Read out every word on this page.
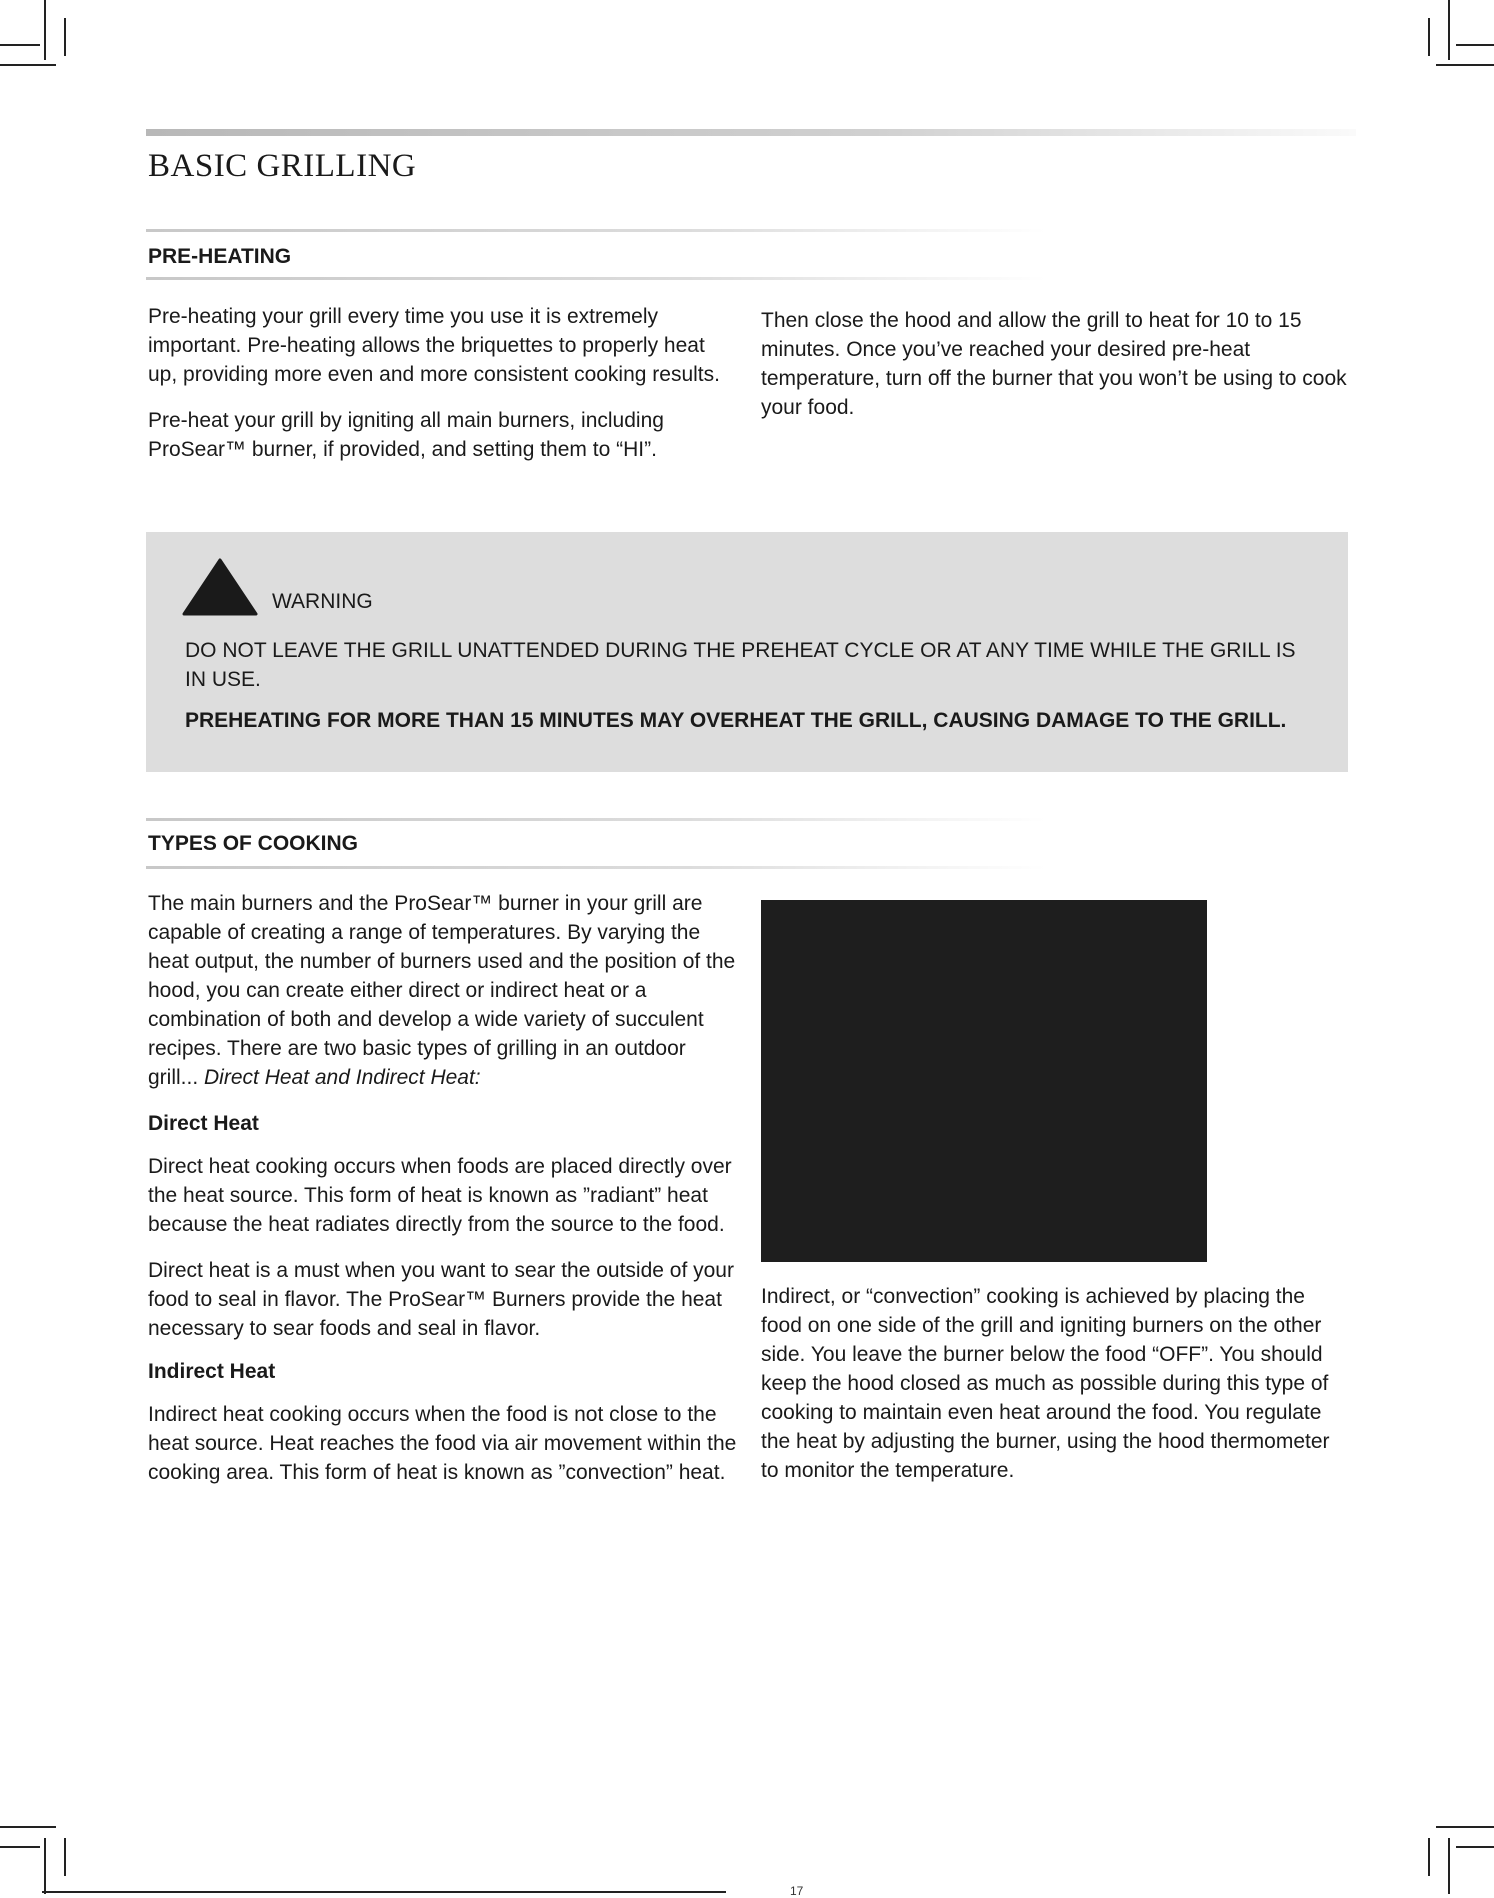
BASIC GRILLING
PRE-HEATING

Pre-heating your grill every time you use it is extremely important. Pre-heating allows the briquettes to properly heat up, providing more even and more consistent cooking results.

Pre-heat your grill by igniting all main burners, including ProSear™ burner, if provided, and setting them to “HI”.

Then close the hood and allow the grill to heat for 10 to 15 minutes. Once you’ve reached your desired pre-heat temperature, turn off the burner that you won’t be using to cook your food.

WARNING

DO NOT LEAVE THE GRILL UNATTENDED DURING THE PREHEAT CYCLE OR AT ANY TIME WHILE THE GRILL IS IN USE.

PREHEATING FOR MORE THAN 15 MINUTES MAY OVERHEAT THE GRILL, CAUSING DAMAGE TO THE GRILL.

TYPES OF COOKING

The main burners and the ProSear™ burner in your grill are capable of creating a range of temperatures. By varying the heat output, the number of burners used and the position of the hood, you can create either direct or indirect heat or a combination of both and develop a wide variety of succulent recipes. There are two basic types of grilling in an outdoor grill... Direct Heat and Indirect Heat:

Direct Heat

Direct heat cooking occurs when foods are placed directly over the heat source. This form of heat is known as ”radiant” heat because the heat radiates directly from the source to the food.

Direct heat is a must when you want to sear the outside of your food to seal in flavor. The ProSear™ Burners provide the heat necessary to sear foods and seal in flavor.

Indirect Heat

Indirect heat cooking occurs when the food is not close to the heat source. Heat reaches the food via air movement within the cooking area. This form of heat is known as ”convection” heat.

Indirect, or “convection” cooking is achieved by placing the food on one side of the grill and igniting burners on the other side. You leave the burner below the food “OFF”. You should keep the hood closed as much as possible during this type of cooking to maintain even heat around the food. You regulate the heat by adjusting the burner, using the hood thermometer to monitor the temperature.

17
